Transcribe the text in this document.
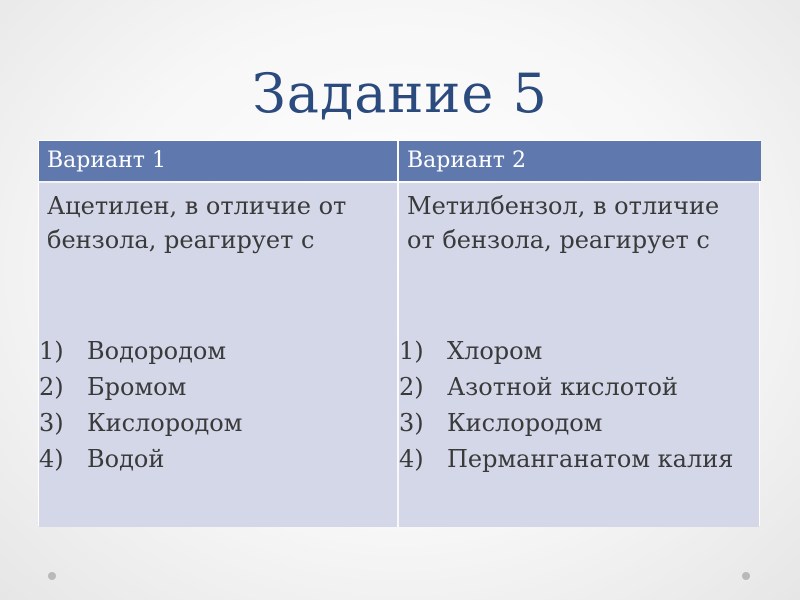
Задание 5
Вариант 1	Вариант 2
Ацетилен, в отличие от бензола, реагирует с
1) Водородом
2) Бромом
3) Кислородом
4) Водой
Метилбензол, в отличие от бензола, реагирует с
1) Хлором
2) Азотной кислотой
3) Кислородом
4) Перманганатом калия
